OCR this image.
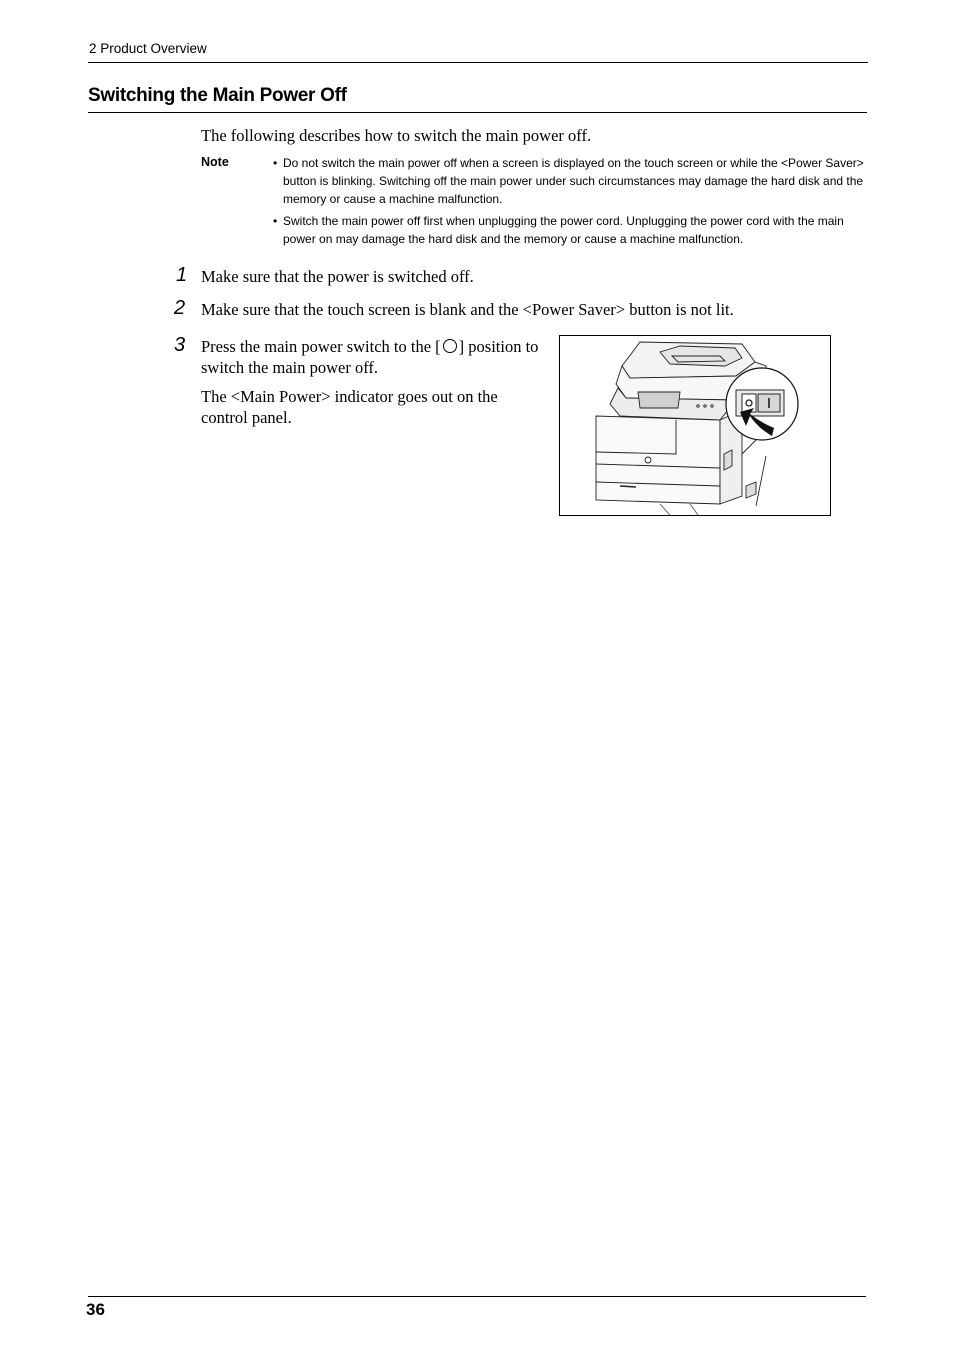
2 Product Overview
Switching the Main Power Off
The following describes how to switch the main power off.
Note
•	Do not switch the main power off when a screen is displayed on the touch screen or while the <Power Saver> button is blinking. Switching off the main power under such circumstances may damage the hard disk and the memory or cause a machine malfunction.
• Switch the main power off first when unplugging the power cord. Unplugging the power cord with the main power on may damage the hard disk and the memory or cause a machine malfunction.
1 Make sure that the power is switched off.
2 Make sure that the touch screen is blank and the <Power Saver> button is not lit.
3 Press the main power switch to the [ ] position to switch the main power off.

The <Main Power> indicator goes out on the control panel.

36
